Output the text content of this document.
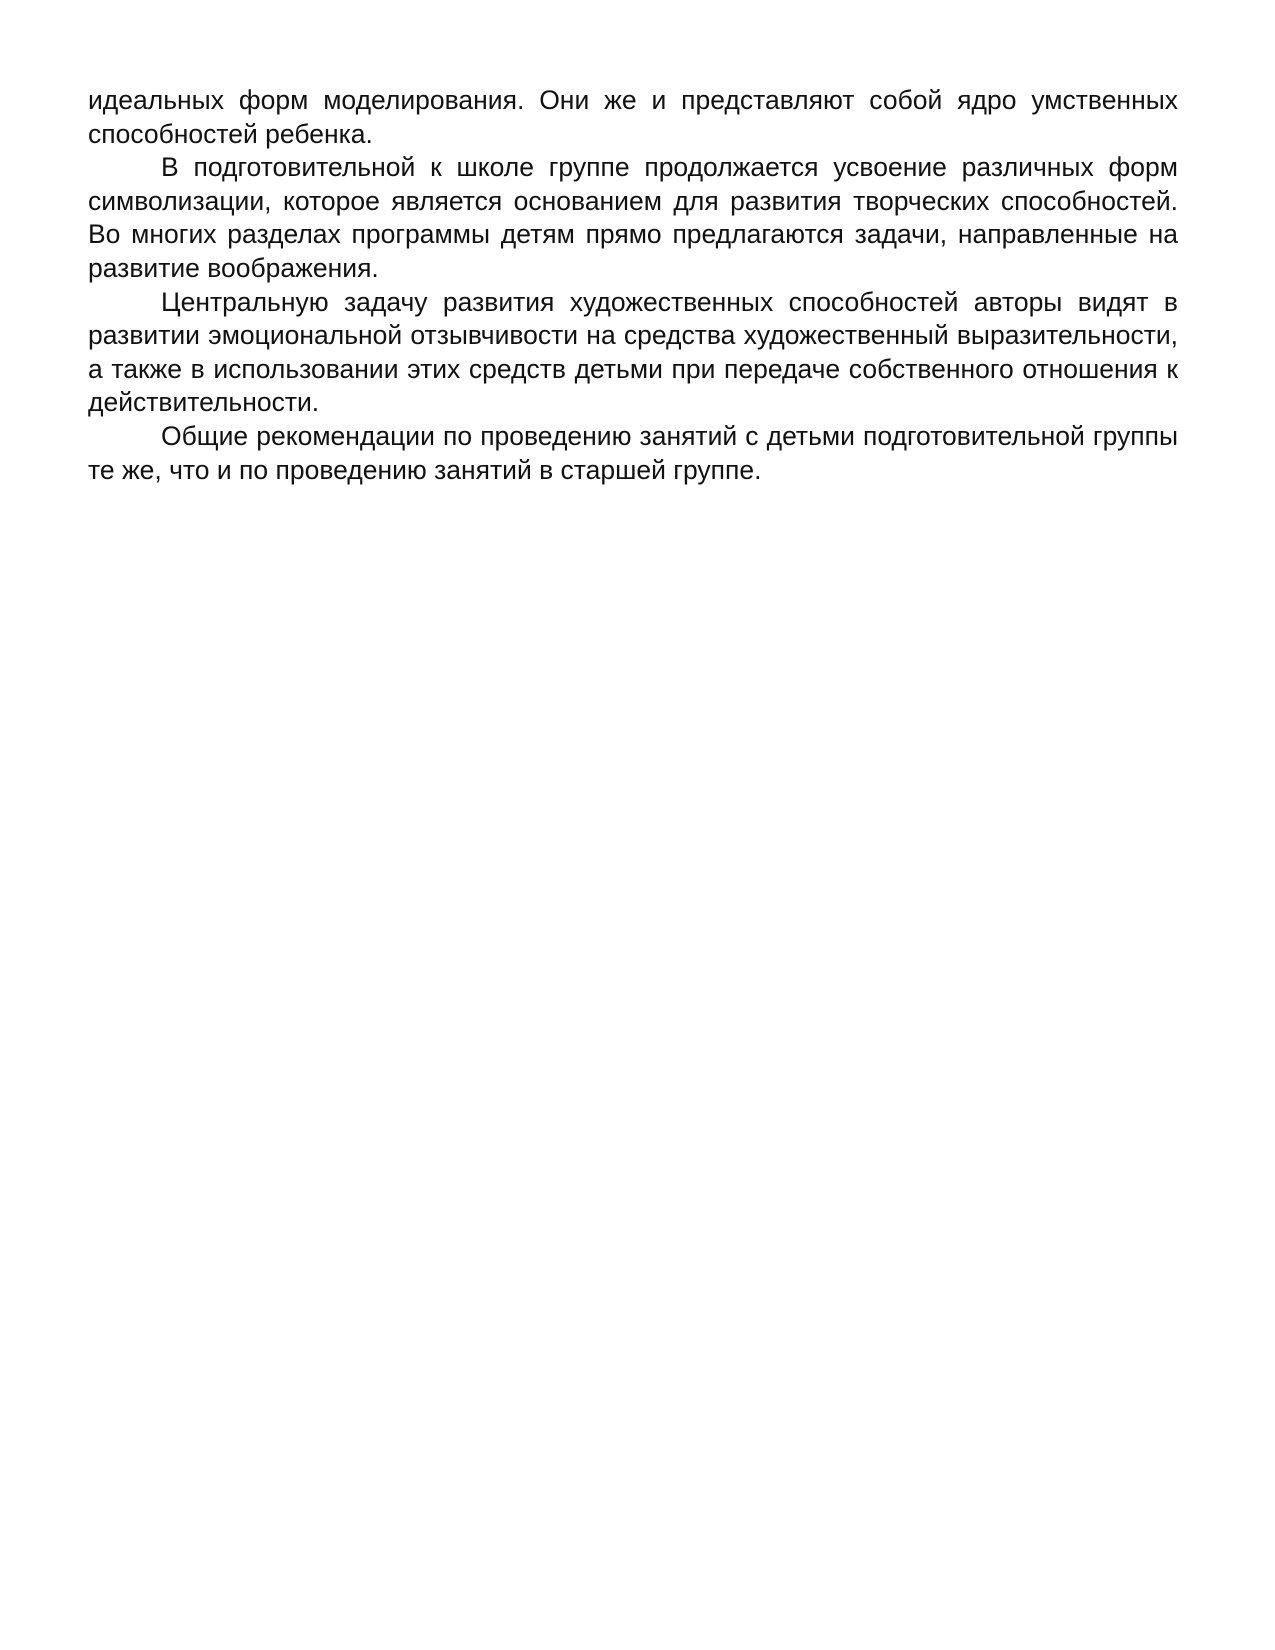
идеальных форм моделирования. Они же и представляют собой ядро умственных способностей ребенка.

В подготовительной к школе группе продолжается усвоение различных форм символизации, которое является основанием для развития творческих способностей. Во многих разделах программы детям прямо предлагаются задачи, направленные на развитие воображения.

Центральную задачу развития художественных способностей авторы видят в развитии эмоциональной отзывчивости на средства художественный выразительности, а также в использовании этих средств детьми при передаче собственного отношения к действительности.

Общие рекомендации по проведению занятий с детьми подготовительной группы те же, что и по проведению занятий в старшей группе.
